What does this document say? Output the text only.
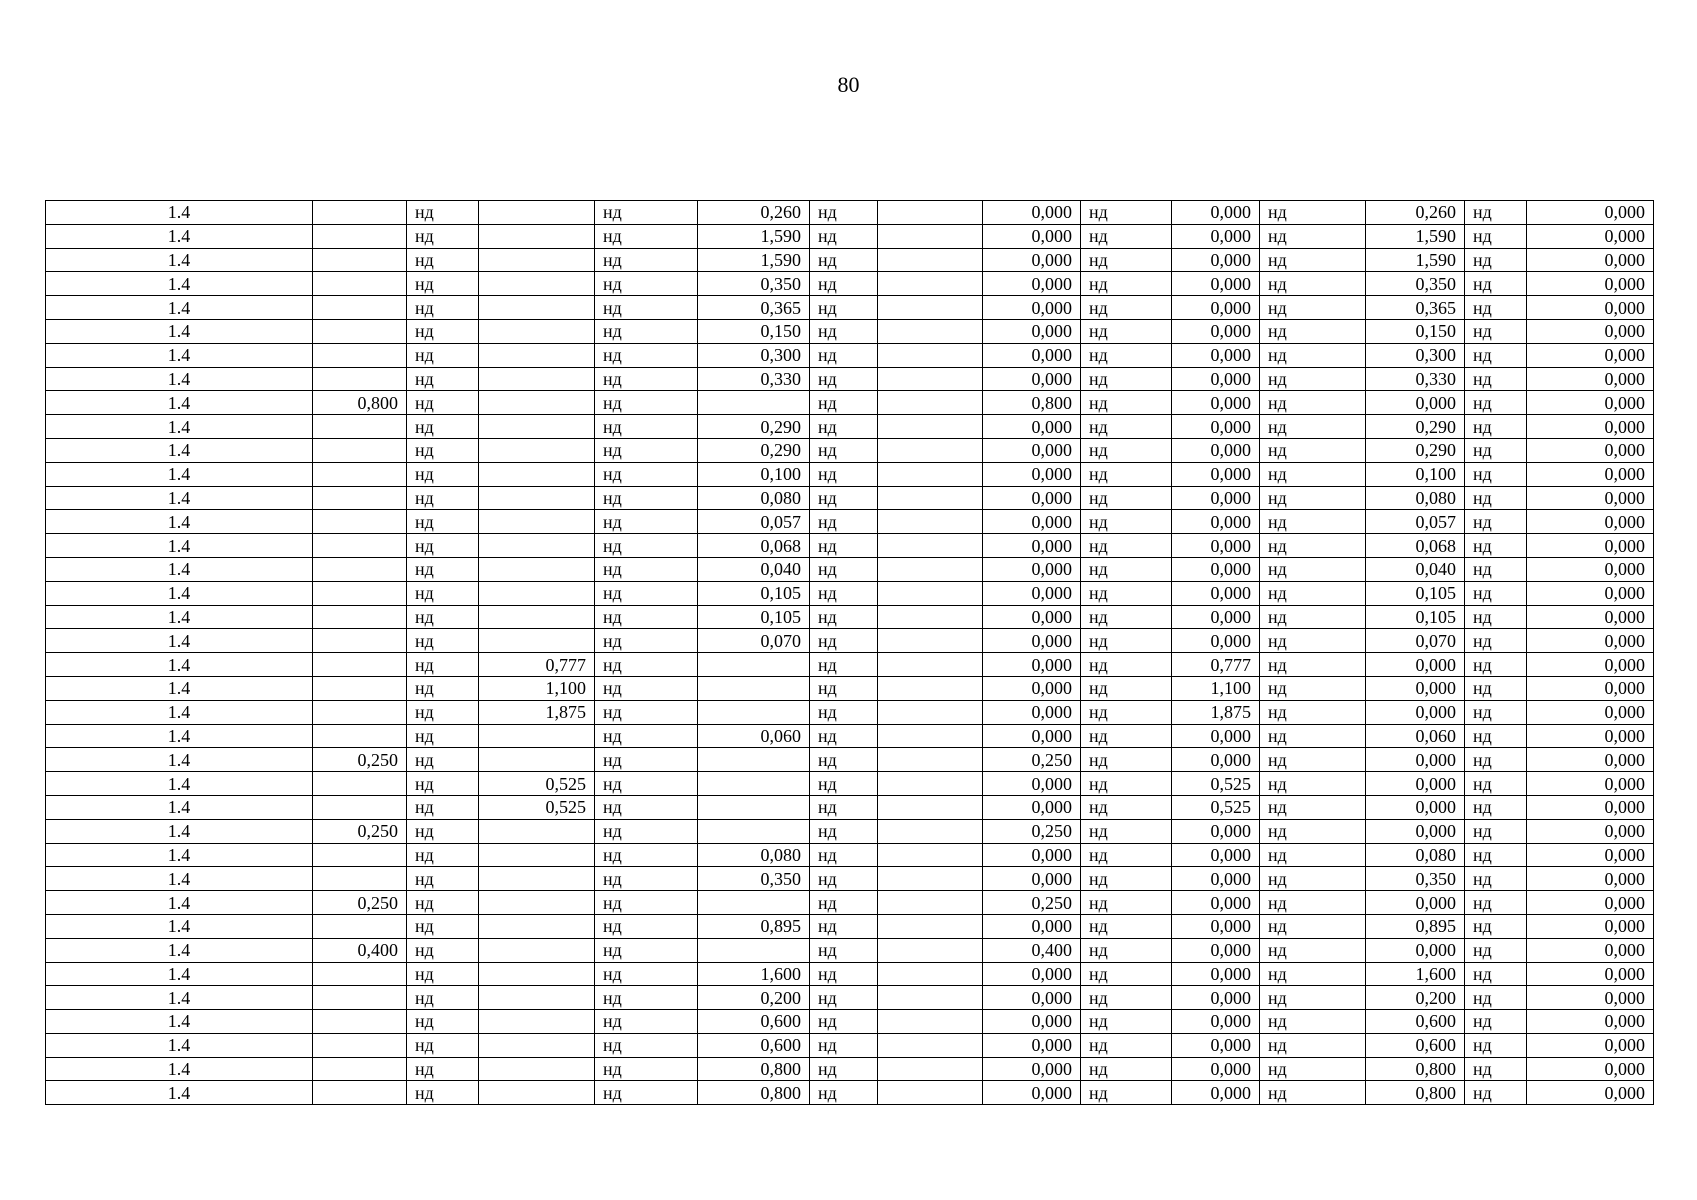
80
1.4		нд		нд	0,260	нд		0,000	нд	0,000	нд	0,260	нд	0,000
1.4		нд		нд	1,590	нд		0,000	нд	0,000	нд	1,590	нд	0,000
1.4		нд		нд	1,590	нд		0,000	нд	0,000	нд	1,590	нд	0,000
1.4		нд		нд	0,350	нд		0,000	нд	0,000	нд	0,350	нд	0,000
1.4		нд		нд	0,365	нд		0,000	нд	0,000	нд	0,365	нд	0,000
1.4		нд		нд	0,150	нд		0,000	нд	0,000	нд	0,150	нд	0,000
1.4		нд		нд	0,300	нд		0,000	нд	0,000	нд	0,300	нд	0,000
1.4		нд		нд	0,330	нд		0,000	нд	0,000	нд	0,330	нд	0,000
1.4	0,800	нд		нд		нд		0,800	нд	0,000	нд	0,000	нд	0,000
1.4		нд		нд	0,290	нд		0,000	нд	0,000	нд	0,290	нд	0,000
1.4		нд		нд	0,290	нд		0,000	нд	0,000	нд	0,290	нд	0,000
1.4		нд		нд	0,100	нд		0,000	нд	0,000	нд	0,100	нд	0,000
1.4		нд		нд	0,080	нд		0,000	нд	0,000	нд	0,080	нд	0,000
1.4		нд		нд	0,057	нд		0,000	нд	0,000	нд	0,057	нд	0,000
1.4		нд		нд	0,068	нд		0,000	нд	0,000	нд	0,068	нд	0,000
1.4		нд		нд	0,040	нд		0,000	нд	0,000	нд	0,040	нд	0,000
1.4		нд		нд	0,105	нд		0,000	нд	0,000	нд	0,105	нд	0,000
1.4		нд		нд	0,105	нд		0,000	нд	0,000	нд	0,105	нд	0,000
1.4		нд		нд	0,070	нд		0,000	нд	0,000	нд	0,070	нд	0,000
1.4		нд	0,777	нд		нд		0,000	нд	0,777	нд	0,000	нд	0,000
1.4		нд	1,100	нд		нд		0,000	нд	1,100	нд	0,000	нд	0,000
1.4		нд	1,875	нд		нд		0,000	нд	1,875	нд	0,000	нд	0,000
1.4		нд		нд	0,060	нд		0,000	нд	0,000	нд	0,060	нд	0,000
1.4	0,250	нд		нд		нд		0,250	нд	0,000	нд	0,000	нд	0,000
1.4		нд	0,525	нд		нд		0,000	нд	0,525	нд	0,000	нд	0,000
1.4		нд	0,525	нд		нд		0,000	нд	0,525	нд	0,000	нд	0,000
1.4	0,250	нд		нд		нд		0,250	нд	0,000	нд	0,000	нд	0,000
1.4		нд		нд	0,080	нд		0,000	нд	0,000	нд	0,080	нд	0,000
1.4		нд		нд	0,350	нд		0,000	нд	0,000	нд	0,350	нд	0,000
1.4	0,250	нд		нд		нд		0,250	нд	0,000	нд	0,000	нд	0,000
1.4		нд		нд	0,895	нд		0,000	нд	0,000	нд	0,895	нд	0,000
1.4	0,400	нд		нд		нд		0,400	нд	0,000	нд	0,000	нд	0,000
1.4		нд		нд	1,600	нд		0,000	нд	0,000	нд	1,600	нд	0,000
1.4		нд		нд	0,200	нд		0,000	нд	0,000	нд	0,200	нд	0,000
1.4		нд		нд	0,600	нд		0,000	нд	0,000	нд	0,600	нд	0,000
1.4		нд		нд	0,600	нд		0,000	нд	0,000	нд	0,600	нд	0,000
1.4		нд		нд	0,800	нд		0,000	нд	0,000	нд	0,800	нд	0,000
1.4		нд		нд	0,800	нд		0,000	нд	0,000	нд	0,800	нд	0,000
